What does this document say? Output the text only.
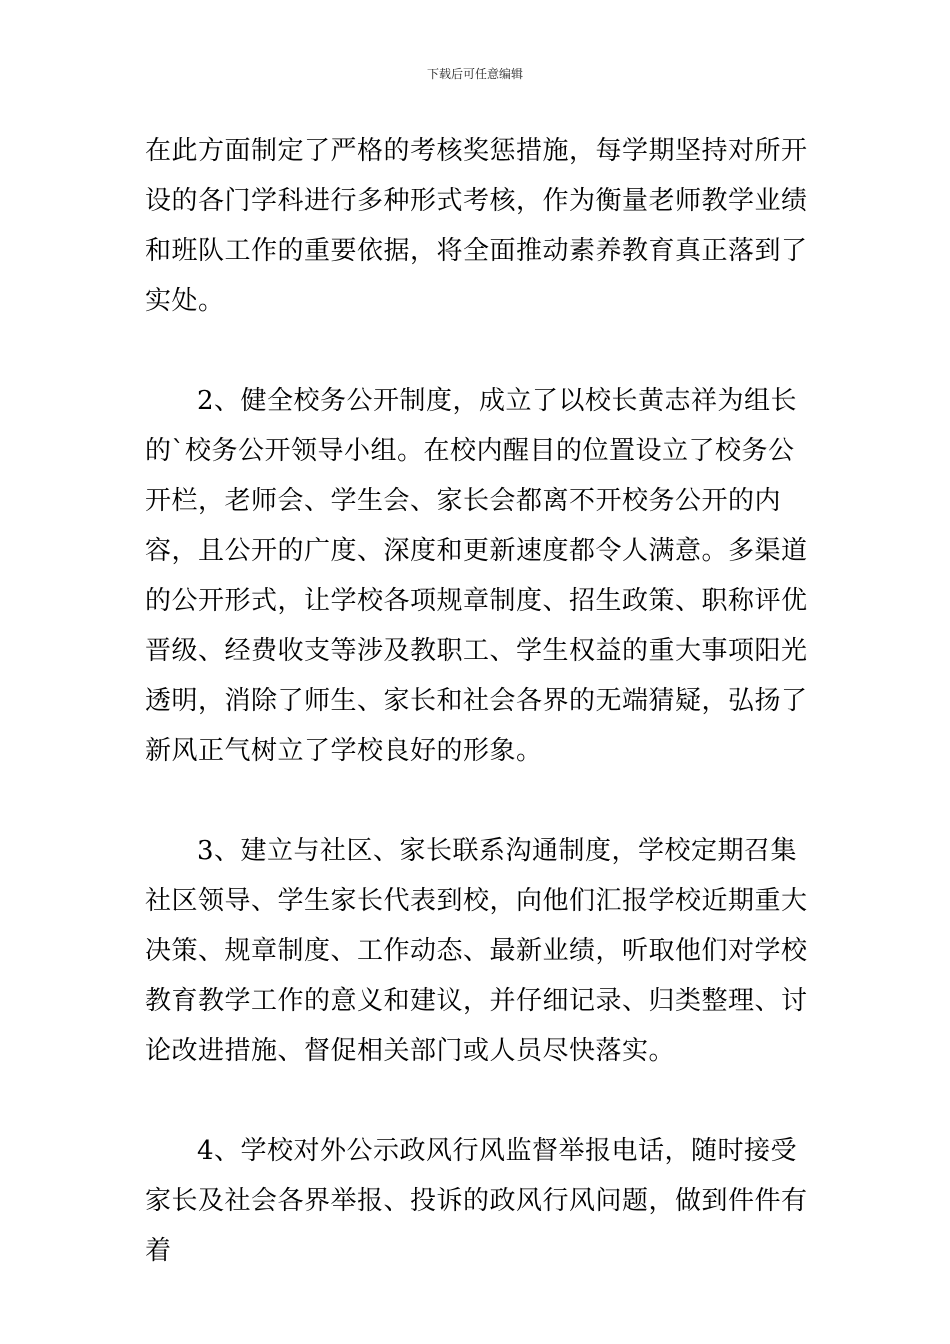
下载后可任意编辑

在此方面制定了严格的考核奖惩措施，每学期坚持对所开设的各门学科进行多种形式考核，作为衡量老师教学业绩和班队工作的重要依据，将全面推动素养教育真正落到了实处。

2、健全校务公开制度，成立了以校长黄志祥为组长的`校务公开领导小组。在校内醒目的位置设立了校务公开栏，老师会、学生会、家长会都离不开校务公开的内容，且公开的广度、深度和更新速度都令人满意。多渠道的公开形式，让学校各项规章制度、招生政策、职称评优晋级、经费收支等涉及教职工、学生权益的重大事项阳光透明，消除了师生、家长和社会各界的无端猜疑，弘扬了新风正气树立了学校良好的形象。

3、建立与社区、家长联系沟通制度，学校定期召集社区领导、学生家长代表到校，向他们汇报学校近期重大决策、规章制度、工作动态、最新业绩，听取他们对学校教育教学工作的意义和建议，并仔细记录、归类整理、讨论改进措施、督促相关部门或人员尽快落实。

4、学校对外公示政风行风监督举报电话，随时接受家长及社会各界举报、投诉的政风行风问题，做到件件有着
